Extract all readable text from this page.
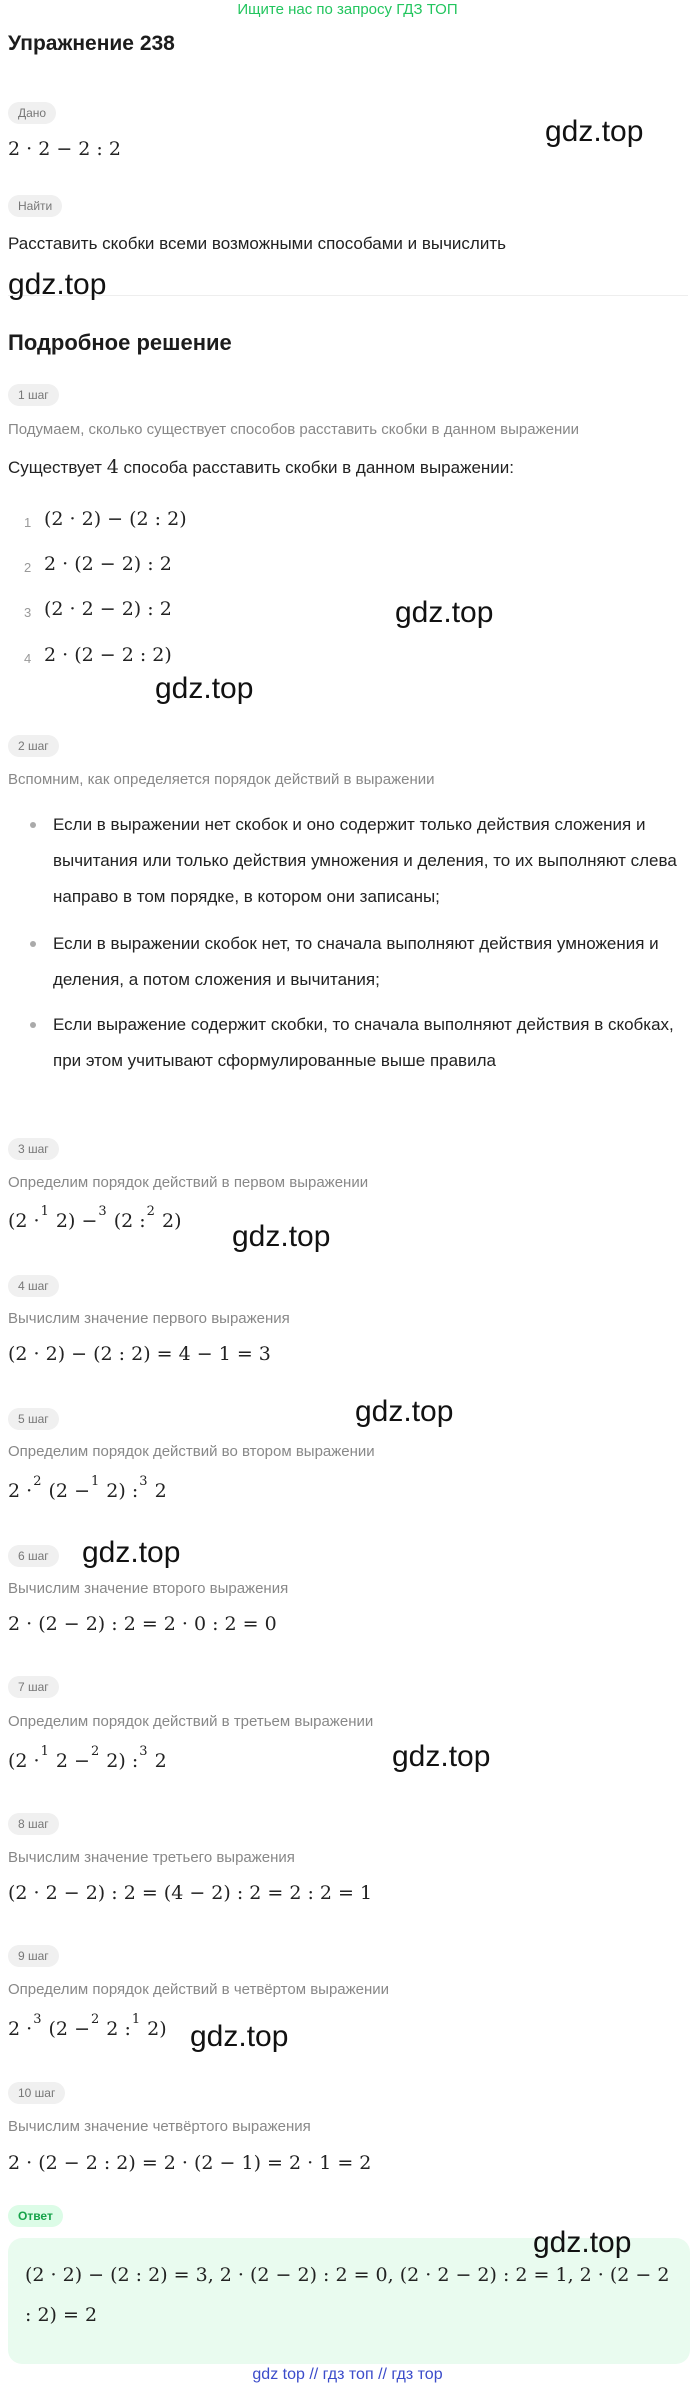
Ищите нас по запросу ГДЗ ТОП
Упражнение 238
Дано
2 · 2 − 2 : 2
Найти
Расставить скобки всеми возможными способами и вычислить
Подробное решение
1 шаг
Подумаем, сколько существует способов расставить скобки в данном выражении
Существует 4 способа расставить скобки в данном выражении:
1 (2 · 2) − (2 : 2)
2 2 · (2 − 2) : 2
3 (2 · 2 − 2) : 2
4 2 · (2 − 2 : 2)
2 шаг
Вспомним, как определяется порядок действий в выражении
Если в выражении нет скобок и оно содержит только действия сложения и вычитания или только действия умножения и деления, то их выполняют слева направо в том порядке, в котором они записаны;
Если в выражении скобок нет, то сначала выполняют действия умножения и деления, а потом сложения и вычитания;
Если выражение содержит скобки, то сначала выполняют действия в скобках, при этом учитывают сформулированные выше правила
3 шаг
Определим порядок действий в первом выражении
(2 ·$^1$ 2) −$^3$ (2 :$^2$ 2)
4 шаг
Вычислим значение первого выражения
(2 · 2) − (2 : 2) = 4 − 1 = 3
5 шаг
Определим порядок действий во втором выражении
2 ·$^2$ (2 −$^1$ 2) :$^3$ 2
6 шаг
Вычислим значение второго выражения
2 · (2 − 2) : 2 = 2 · 0 : 2 = 0
7 шаг
Определим порядок действий в третьем выражении
(2 ·$^1$ 2 −$^2$ 2) :$^3$ 2
8 шаг
Вычислим значение третьего выражения
(2 · 2 − 2) : 2 = (4 − 2) : 2 = 2 : 2 = 1
9 шаг
Определим порядок действий в четвёртом выражении
2 ·$^3$ (2 −$^2$ 2 :$^1$ 2)
10 шаг
Вычислим значение четвёртого выражения
2 · (2 − 2 : 2) = 2 · (2 − 1) = 2 · 1 = 2
Ответ
(2 · 2) − (2 : 2) = 3, 2 · (2 − 2) : 2 = 0, (2 · 2 − 2) : 2 = 1, 2 · (2 − 2 : 2) = 2
gdz.top
gdz.top
gdz.top
gdz.top
gdz.top
gdz.top
gdz.top
gdz.top
gdz.top
gdz.top
gdz top // гдз топ // гдз тор
